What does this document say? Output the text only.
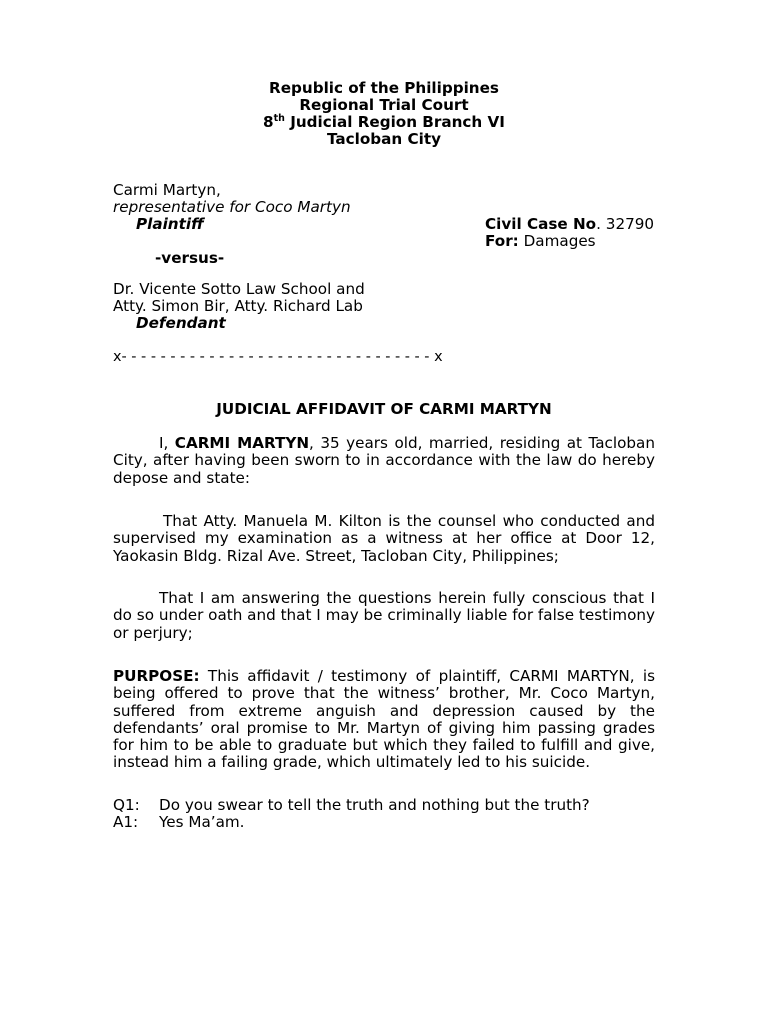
Republic of the Philippines
Regional Trial Court
8th Judicial Region Branch VI
Tacloban City
Carmi Martyn,
representative for Coco Martyn
Plaintiff	Civil Case No. 32790
For: Damages
-versus-
Dr. Vicente Sotto Law School and
Atty. Simon Bir, Atty. Richard Lab
Defendant
x- - - - - - - - - - - - - - - - - - - - - - - - - - - - - - - - x
JUDICIAL AFFIDAVIT OF CARMI MARTYN
I, CARMI MARTYN, 35 years old, married, residing at Tacloban City, after having been sworn to in accordance with the law do hereby depose and state:
That Atty. Manuela M. Kilton is the counsel who conducted and supervised my examination as a witness at her office at Door 12, Yaokasin Bldg. Rizal Ave. Street, Tacloban City, Philippines;
That I am answering the questions herein fully conscious that I do so under oath and that I may be criminally liable for false testimony or perjury;
PURPOSE: This affidavit / testimony of plaintiff, CARMI MARTYN, is being offered to prove that the witness’ brother, Mr. Coco Martyn, suffered from extreme anguish and depression caused by the defendants’ oral promise to Mr. Martyn of giving him passing grades for him to be able to graduate but which they failed to fulfill and give, instead him a failing grade, which ultimately led to his suicide.
Q1: Do you swear to tell the truth and nothing but the truth?
A1: Yes Ma’am.
